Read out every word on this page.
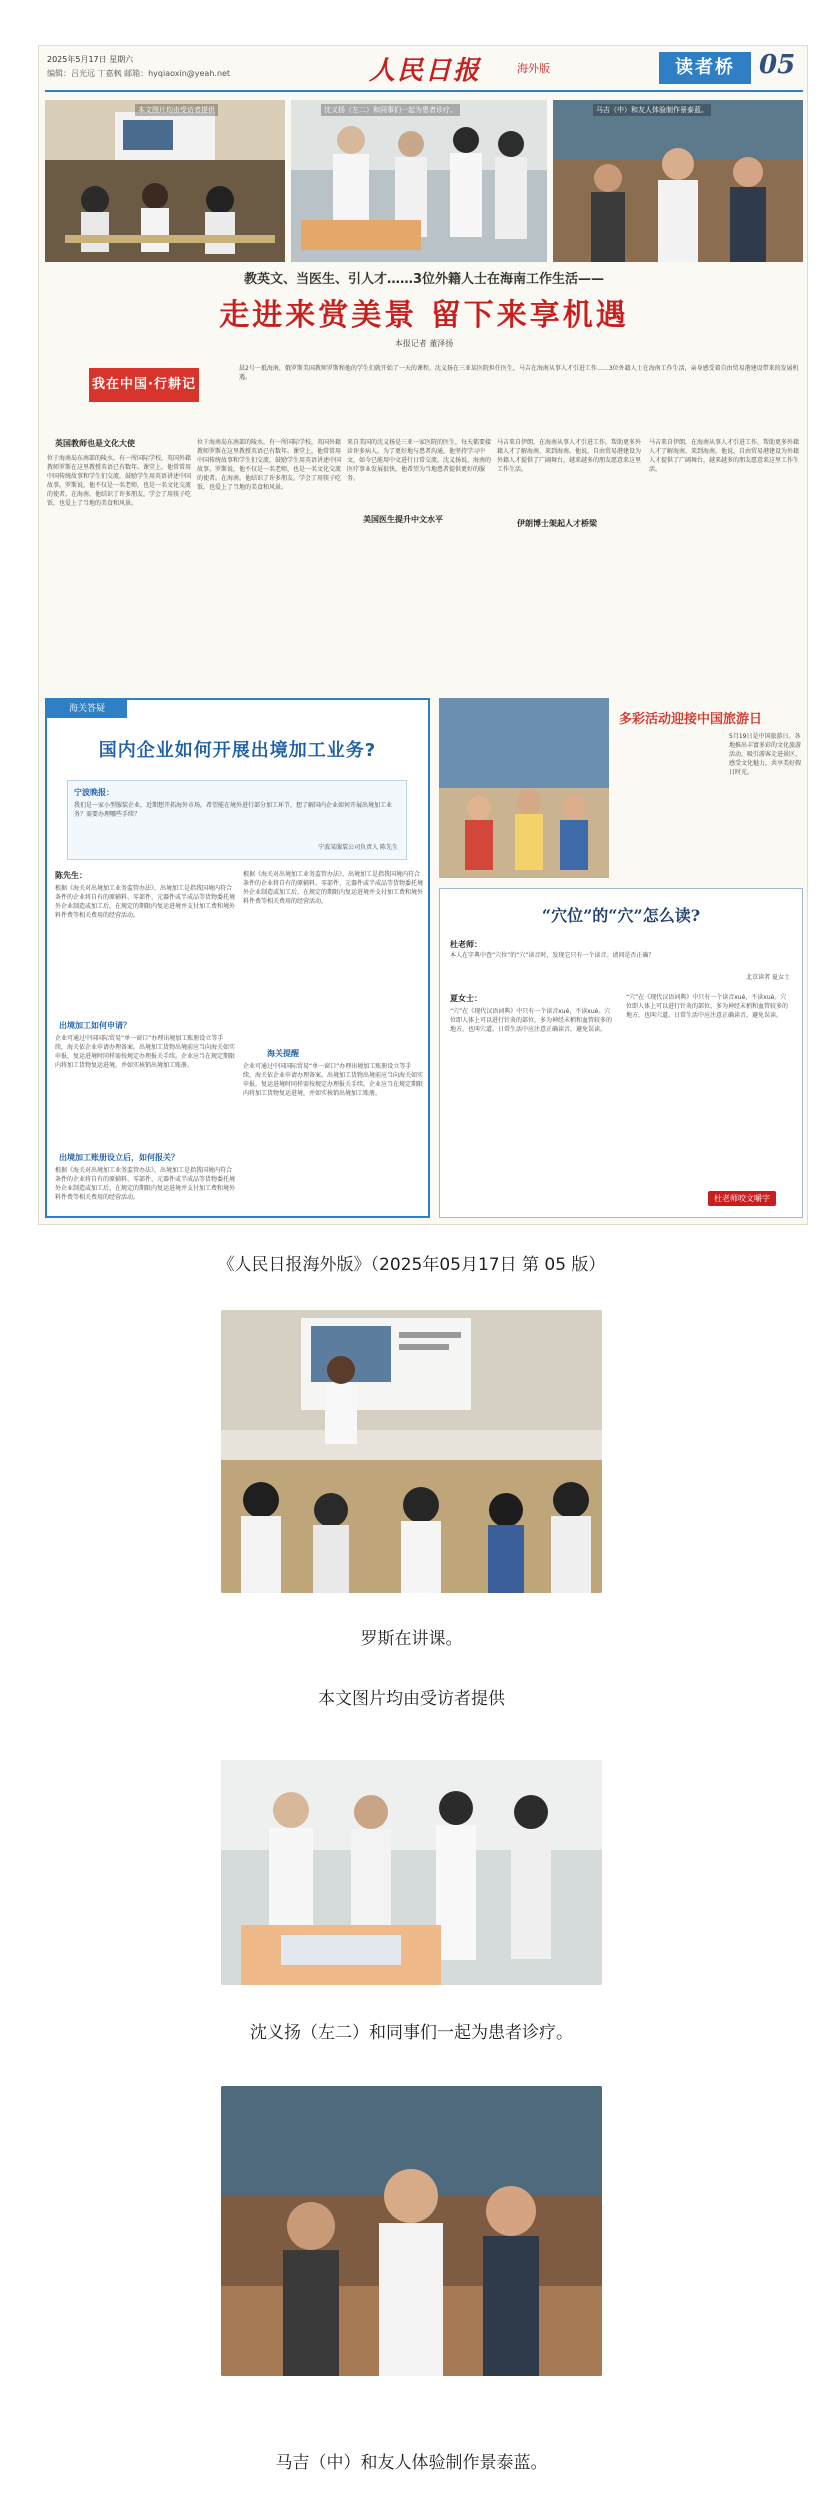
2025年5月17日 星期六
编辑：吕光远 丁嘉枫 邮箱：hyqiaoxin@yeah.net	人民日报	海外版	读者桥 05
本文图片均由受访者提供	沈义扬（左二）和同事们一起为患者诊疗。	马吉（中）和友人体验制作景泰蓝。
教英文、当医生、引人才……3位外籍人士在海南工作生活——
走进来赏美景 留下来享机遇
本报记者 董泽扬
我在中国·行耕记
晨2号一抵海南，俄罗斯美国教师罗斯和他的学生们就开始了一天的课程。沈义扬在三亚某医院担任医生，马吉在海南从事人才引进工作……3位外籍人士在海南工作生活，亲身感受着自由贸易港建设带来的发展机遇。
英国教师也是文化大使
位于海南岛东南部的陵水，有一所国际学校，英国外籍教师罗斯在这里教授英语已有数年。课堂上，他常常用中国传统故事和学生们交流，鼓励学生用英语讲述中国故事。罗斯说，他不仅是一名老师，也是一名文化交流的使者。在海南，他结识了许多朋友，学会了用筷子吃饭，也爱上了当地的美食和风景。
位于海南岛东南部的陵水，有一所国际学校，英国外籍教师罗斯在这里教授英语已有数年。课堂上，他常常用中国传统故事和学生们交流，鼓励学生用英语讲述中国故事。罗斯说，他不仅是一名老师，也是一名文化交流的使者。在海南，他结识了许多朋友，学会了用筷子吃饭，也爱上了当地的美食和风景。
美国医生提升中文水平
来自美国的沈义扬是三亚一家医院的医生，每天都要接诊许多病人。为了更好地与患者沟通，他坚持学习中文，如今已能用中文进行日常交流。沈义扬说，海南的医疗事业发展很快，他希望为当地患者提供更好的服务。
伊朗博士架起人才桥梁
马吉来自伊朗，在海南从事人才引进工作，帮助更多外籍人才了解海南、来到海南。他说，自由贸易港建设为外籍人才提供了广阔舞台，越来越多的朋友愿意来这里工作生活。
马吉来自伊朗，在海南从事人才引进工作，帮助更多外籍人才了解海南、来到海南。他说，自由贸易港建设为外籍人才提供了广阔舞台，越来越多的朋友愿意来这里工作生活。
海关答疑
国内企业如何开展出境加工业务?
宁波晚报：
我们是一家小型服装企业，近期想开拓海外市场，希望能在境外进行部分加工环节，想了解国内企业如何开展出境加工业务？需要办理哪些手续？
宁波某服装公司负责人 陈先生
陈先生：
根据《海关对出境加工业务监管办法》，出境加工是指我国境内符合条件的企业将自有的原辅料、零部件、元器件或半成品等货物委托境外企业制造或加工后，在规定的期限内复运进境并支付加工费和境外料件费等相关费用的经营活动。
出境加工如何申请？
企业可通过中国国际贸易“单一窗口”办理出境加工账册设立等手续，海关依企业申请办理备案。出境加工货物出境前应当向海关如实申报，复运进境时同样需按规定办理报关手续。企业应当在规定期限内将加工货物复运进境，并如实核销出境加工账册。
出境加工账册设立后，如何报关？
根据《海关对出境加工业务监管办法》，出境加工是指我国境内符合条件的企业将自有的原辅料、零部件、元器件或半成品等货物委托境外企业制造或加工后，在规定的期限内复运进境并支付加工费和境外料件费等相关费用的经营活动。
根据《海关对出境加工业务监管办法》，出境加工是指我国境内符合条件的企业将自有的原辅料、零部件、元器件或半成品等货物委托境外企业制造或加工后，在规定的期限内复运进境并支付加工费和境外料件费等相关费用的经营活动。
海关提醒
企业可通过中国国际贸易“单一窗口”办理出境加工账册设立等手续，海关依企业申请办理备案。出境加工货物出境前应当向海关如实申报，复运进境时同样需按规定办理报关手续。企业应当在规定期限内将加工货物复运进境，并如实核销出境加工账册。
多彩活动迎接中国旅游日
5月19日是中国旅游日。各地推出丰富多彩的文化旅游活动，吸引游客走进景区、感受文化魅力，共享美好假日时光。
“穴位”的“穴”怎么读?
杜老师：
本人在字典中查“穴位”的“穴”读音时，发现它只有一个读音。请问是否正确？
北京读者 夏女士
夏女士：
“穴”在《现代汉语词典》中只有一个读音xué，不读xuè。穴位即人体上可以进行针灸的部位，多为神经末梢和血管较多的地方，也叫穴道。日常生活中应注意正确读音，避免误读。
“穴”在《现代汉语词典》中只有一个读音xué，不读xuè。穴位即人体上可以进行针灸的部位，多为神经末梢和血管较多的地方，也叫穴道。日常生活中应注意正确读音，避免误读。
杜老师咬文嚼字
《人民日报海外版》（2025年05月17日 第 05 版）
罗斯在讲课。
本文图片均由受访者提供
沈义扬（左二）和同事们一起为患者诊疗。
马吉（中）和友人体验制作景泰蓝。
